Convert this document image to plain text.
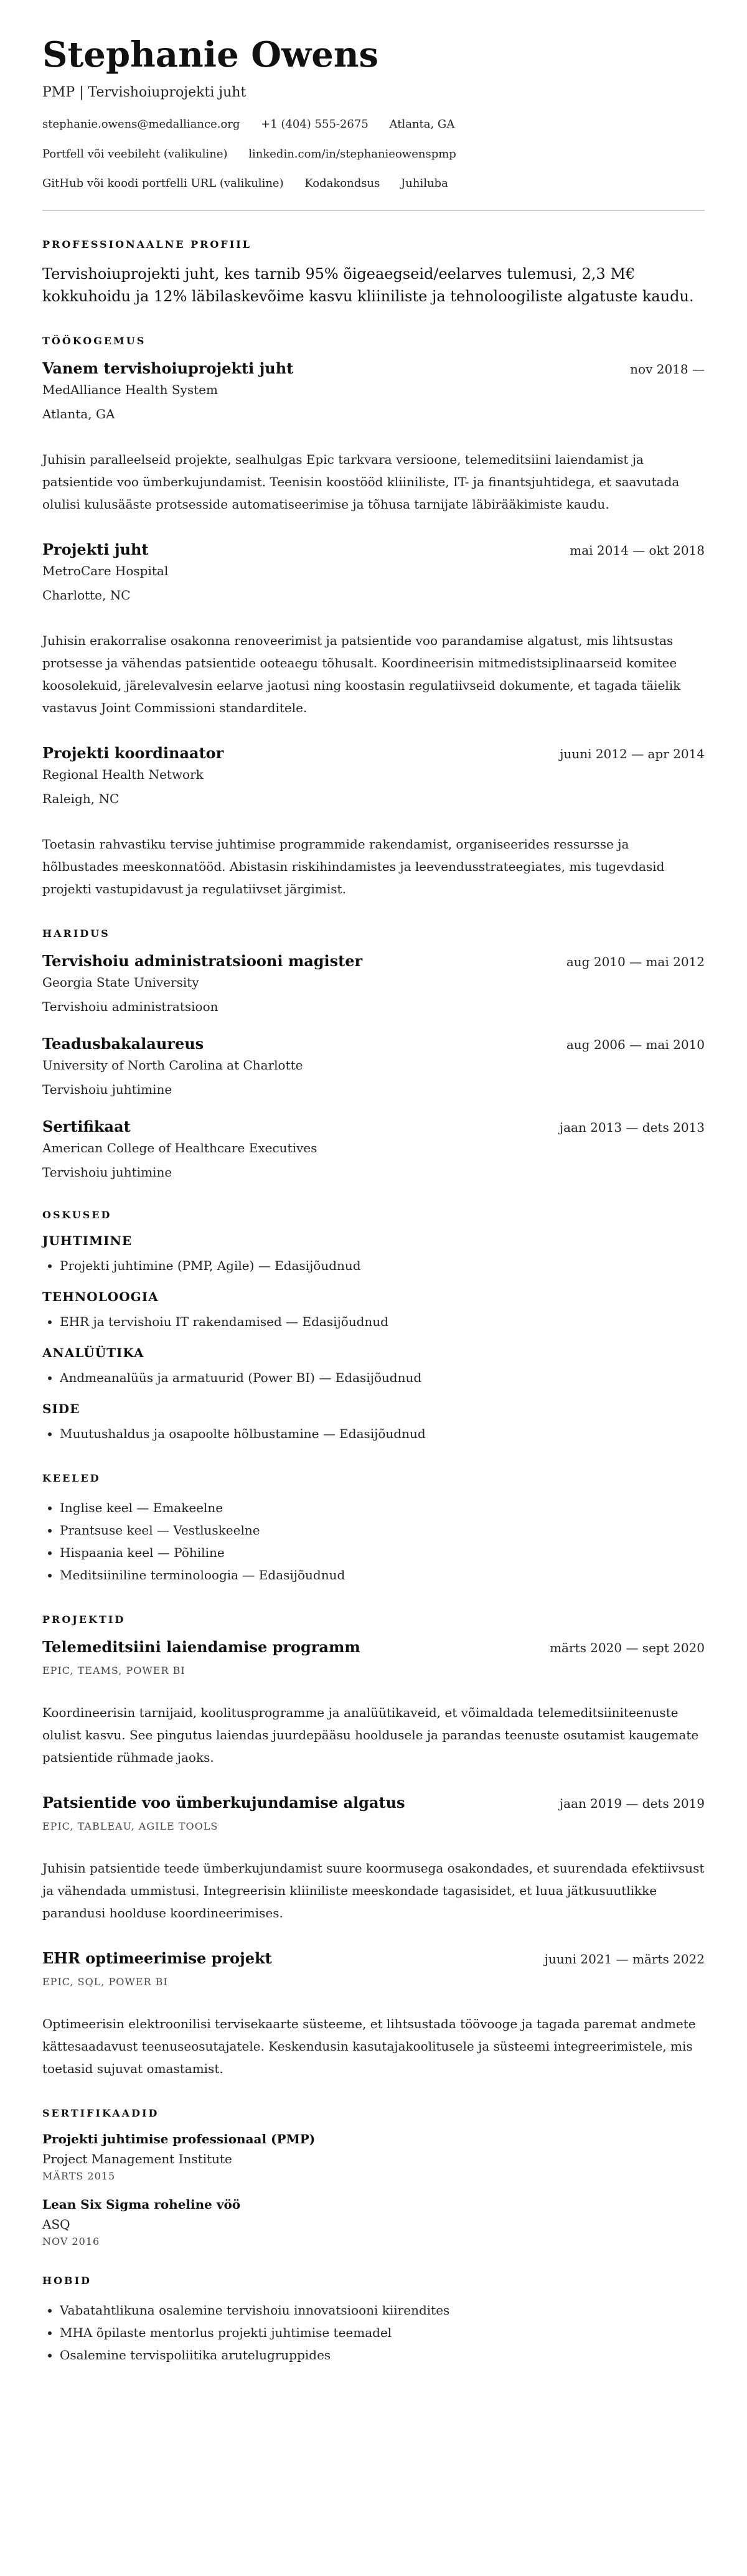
Stephanie Owens
PMP | Tervishoiuprojekti juht
stephanie.owens@medalliance.org +1 (404) 555-2675 Atlanta, GA
Portfell või veebileht (valikuline) linkedin.com/in/stephanieowenspmp
GitHub või koodi portfelli URL (valikuline) Kodakondsus Juhiluba
PROFESSIONAALNE PROFIIL

Tervishoiuprojekti juht, kes tarnib 95% õigeaegseid/eelarves tulemusi, 2,3 M€ kokkuhoidu ja 12% läbilaskevõime kasvu kliiniliste ja tehnoloogiliste algatuste kaudu.

TÖÖKOGEMUS
Vanem tervishoiuprojekti juht	nov 2018 —
MedAlliance Health System
Atlanta, GA
Juhisin paralleelseid projekte, sealhulgas Epic tarkvara versioone, telemeditsiini laiendamist ja patsientide voo ümberkujundamist. Teenisin koostööd kliiniliste, IT- ja finantsjuhtidega, et saavutada olulisi kulusääste protsesside automatiseerimise ja tõhusa tarnijate läbirääkimiste kaudu.
Projekti juht	mai 2014 — okt 2018
MetroCare Hospital
Charlotte, NC
Juhisin erakorralise osakonna renoveerimist ja patsientide voo parandamise algatust, mis lihtsustas protsesse ja vähendas patsientide ooteaegu tõhusalt. Koordineerisin mitmedistsiplinaarseid komitee koosolekuid, järelevalvesin eelarve jaotusi ning koostasin regulatiivseid dokumente, et tagada täielik vastavus Joint Commissioni standarditele.
Projekti koordinaator	juuni 2012 — apr 2014
Regional Health Network
Raleigh, NC
Toetasin rahvastiku tervise juhtimise programmide rakendamist, organiseerides ressursse ja hõlbustades meeskonnatööd. Abistasin riskihindamistes ja leevendusstrateegiates, mis tugevdasid projekti vastupidavust ja regulatiivset järgimist.
HARIDUS
Tervishoiu administratsiooni magister	aug 2010 — mai 2012
Georgia State University
Tervishoiu administratsioon
Teadusbakalaureus	aug 2006 — mai 2010
University of North Carolina at Charlotte
Tervishoiu juhtimine
Sertifikaat	jaan 2013 — dets 2013
American College of Healthcare Executives
Tervishoiu juhtimine
OSKUSED
JUHTIMINE
• Projekti juhtimine (PMP, Agile) — Edasijõudnud
TEHNOLOOGIA
• EHR ja tervishoiu IT rakendamised — Edasijõudnud
ANALÜÜTIKA
• Andmeanalüüs ja armatuurid (Power BI) — Edasijõudnud
SIDE
• Muutushaldus ja osapoolte hõlbustamine — Edasijõudnud
KEELED
• Inglise keel — Emakeelne
• Prantsuse keel — Vestluskeelne
• Hispaania keel — Põhiline
• Meditsiiniline terminoloogia — Edasijõudnud
PROJEKTID
Telemeditsiini laiendamise programm	märts 2020 — sept 2020
EPIC, TEAMS, POWER BI
Koordineerisin tarnijaid, koolitusprogramme ja analüütikaveid, et võimaldada telemeditsiiniteenuste olulist kasvu. See pingutus laiendas juurdepääsu hooldusele ja parandas teenuste osutamist kaugemate patsientide rühmade jaoks.
Patsientide voo ümberkujundamise algatus	jaan 2019 — dets 2019
EPIC, TABLEAU, AGILE TOOLS
Juhisin patsientide teede ümberkujundamist suure koormusega osakondades, et suurendada efektiivsust ja vähendada ummistusi. Integreerisin kliiniliste meeskondade tagasisidet, et luua jätkusuutlikke parandusi hoolduse koordineerimises.
EHR optimeerimise projekt	juuni 2021 — märts 2022
EPIC, SQL, POWER BI
Optimeerisin elektroonilisi tervisekaarte süsteeme, et lihtsustada töövooge ja tagada paremat andmete kättesaadavust teenuseosutajatele. Keskendusin kasutajakoolitusele ja süsteemi integreerimistele, mis toetasid sujuvat omastamist.
SERTIFIKAADID
Projekti juhtimise professionaal (PMP)
Project Management Institute
MÄRTS 2015
Lean Six Sigma roheline vöö
ASQ
NOV 2016
HOBID
• Vabatahtlikuna osalemine tervishoiu innovatsiooni kiirendites
• MHA õpilaste mentorlus projekti juhtimise teemadel
• Osalemine tervispoliitika arutelugruppides
